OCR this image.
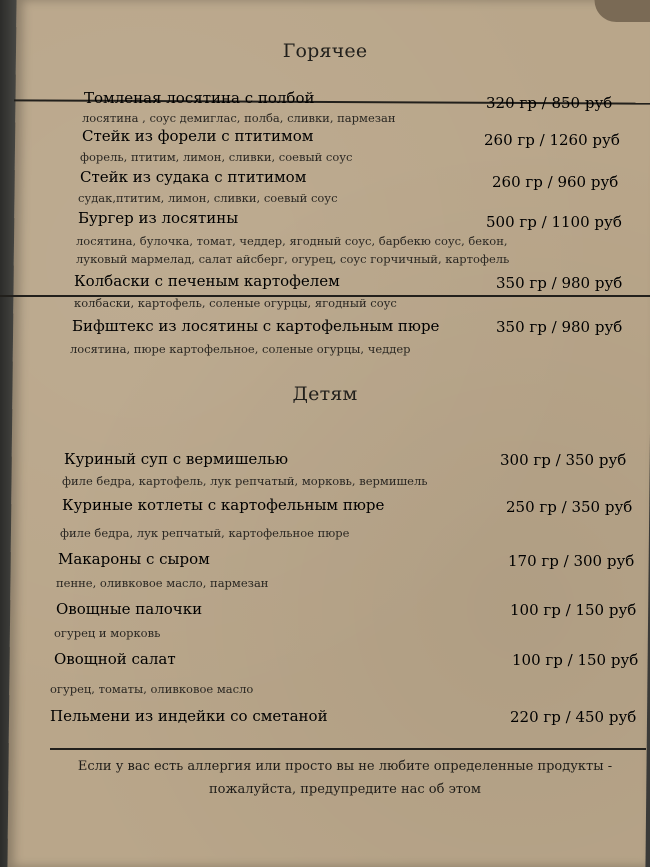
Горячее
Томленая лосятина с полбой	320 гр / 850 руб
лосятина , соус демиглас, полба, сливки, пармезан
Стейк из форели с птитимом	260 гр / 1260 руб
форель, птитим, лимон, сливки, соевый соус
Стейк из судака с птитимом	260 гр / 960 руб
судак,птитим, лимон, сливки, соевый соус
Бургер из лосятины	500 гр / 1100 руб
лосятина, булочка, томат, чеддер, ягодный соус, барбекю соус, бекон,
луковый мармелад, салат айсберг, огурец, соус горчичный, картофель
Колбаски с печеным картофелем	350 гр / 980 руб
колбаски, картофель, соленые огурцы, ягодный соус
Бифштекс из лосятины с картофельным пюре	350 гр / 980 руб
лосятина, пюре картофельное, соленые огурцы, чеддер
Детям
Куриный суп с вермишелью	300 гр / 350 руб
филе бедра, картофель, лук репчатый, морковь, вермишель
Куриные котлеты с картофельным пюре	250 гр / 350 руб
филе бедра, лук репчатый, картофельное пюре
Макароны с сыром	170 гр / 300 руб
пенне, оливковое масло, пармезан
Овощные палочки	100 гр / 150 руб
огурец и морковь
Овощной салат	100 гр / 150 руб
огурец, томаты, оливковое масло
Пельмени из индейки со сметаной	220 гр / 450 руб
Если у вас есть аллергия или просто вы не любите определенные продукты -
пожалуйста, предупредите нас об этом
